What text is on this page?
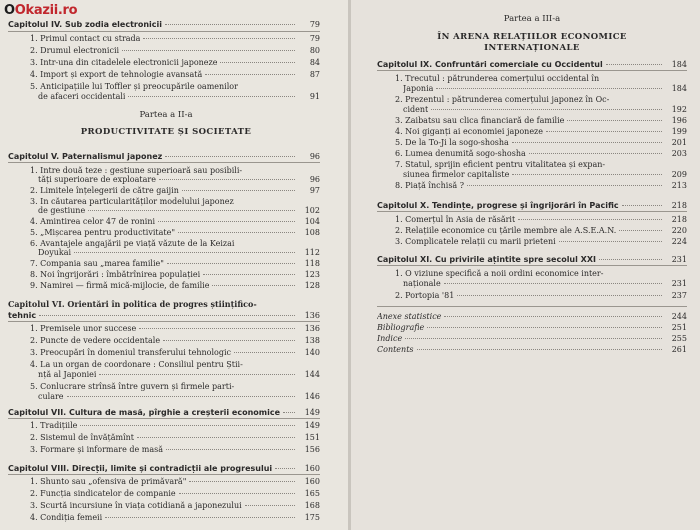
Capitolul IV. Sub zodia electronicii	79
1. Primul contact cu strada	79
2. Drumul electronicii	80
3. Intr-una din citadelele electronicii japoneze	84
4. Import și export de tehnologie avansată	87
5. Anticipațiile lui Toffler și preocupările oamenilor
de afaceri occidentali	91
Partea a II-a
PRODUCTIVITATE ȘI SOCIETATE
Capitolul V. Paternalismul japonez	96
1. Intre două teze : gestiune superioară sau posibili-
tăți superioare de exploatare	96
2. Limitele înțelegerii de către gaijin	97
3. In căutarea particularităților modelului japonez
de gestiune	102
4. Amintirea celor 47 de ronini	104
5. „Mișcarea pentru productivitate"	108
6. Avantajele angajării pe viață văzute de la Keizai
Doyukai	112
7. Compania sau „marea familie"	118
8. Noi îngrijorări : îmbătrînirea populației	123
9. Namirei — firmă mică-mijlocie, de familie	128
Capitolul VI. Orientări în politica de progres științifico-
tehnic	136
1. Premisele unor succese	136
2. Puncte de vedere occidentale	138
3. Preocupări în domeniul transferului tehnologic	140
4. La un organ de coordonare : Consiliul pentru Știi-
nță al Japoniei	144
5. Conlucrare strînsă între guvern și firmele parti-
culare	146
Capitolul VII. Cultura de masă, pîrghie a creșterii economice	149
1. Tradițiile	149
2. Sistemul de învățămînt	151
3. Formare și informare de masă	156
Capitolul VIII. Direcții, limite și contradicții ale progresului	160
1. Shunto sau „ofensiva de primăvară"	160
2. Funcția sindicatelor de companie	165
3. Scurtă incursiune în viața cotidiană a japonezului	168
4. Condiția femeii	175
Partea a III-a
ÎN ARENA RELAȚIILOR ECONOMICE
INTERNAȚIONALE
Capitolul IX. Confruntări comerciale cu Occidentul	184
1. Trecutul : pătrunderea comerțului occidental în
Japonia	184
2. Prezentul : pătrunderea comerțului japonez în Oc-
cident	192
3. Zaibatsu sau clica financiară de familie	196
4. Noi giganți ai economiei japoneze	199
5. De la To-Ji la sogo-shosha	201
6. Lumea denumită sogo-shosha	203
7. Statul, sprijin eficient pentru vitalitatea și expan-
siunea firmelor capitaliste	209
8. Piață închisă ?	213
Capitolul X. Tendințe, progrese și îngrijorări în Pacific	218
1. Comerțul în Asia de răsărit	218
2. Relațiile economice cu țările membre ale A.S.E.A.N.	220
3. Complicatele relații cu marii prieteni	224
Capitolul XI. Cu privirile ațintite spre secolul XXI	231
1. O viziune specifică a noii ordini economice inter-
naționale	231
2. Portopia '81	237
Anexe statistice	244
Bibliografie	251
Indice	255
Contents	261
OOkazii.ro
